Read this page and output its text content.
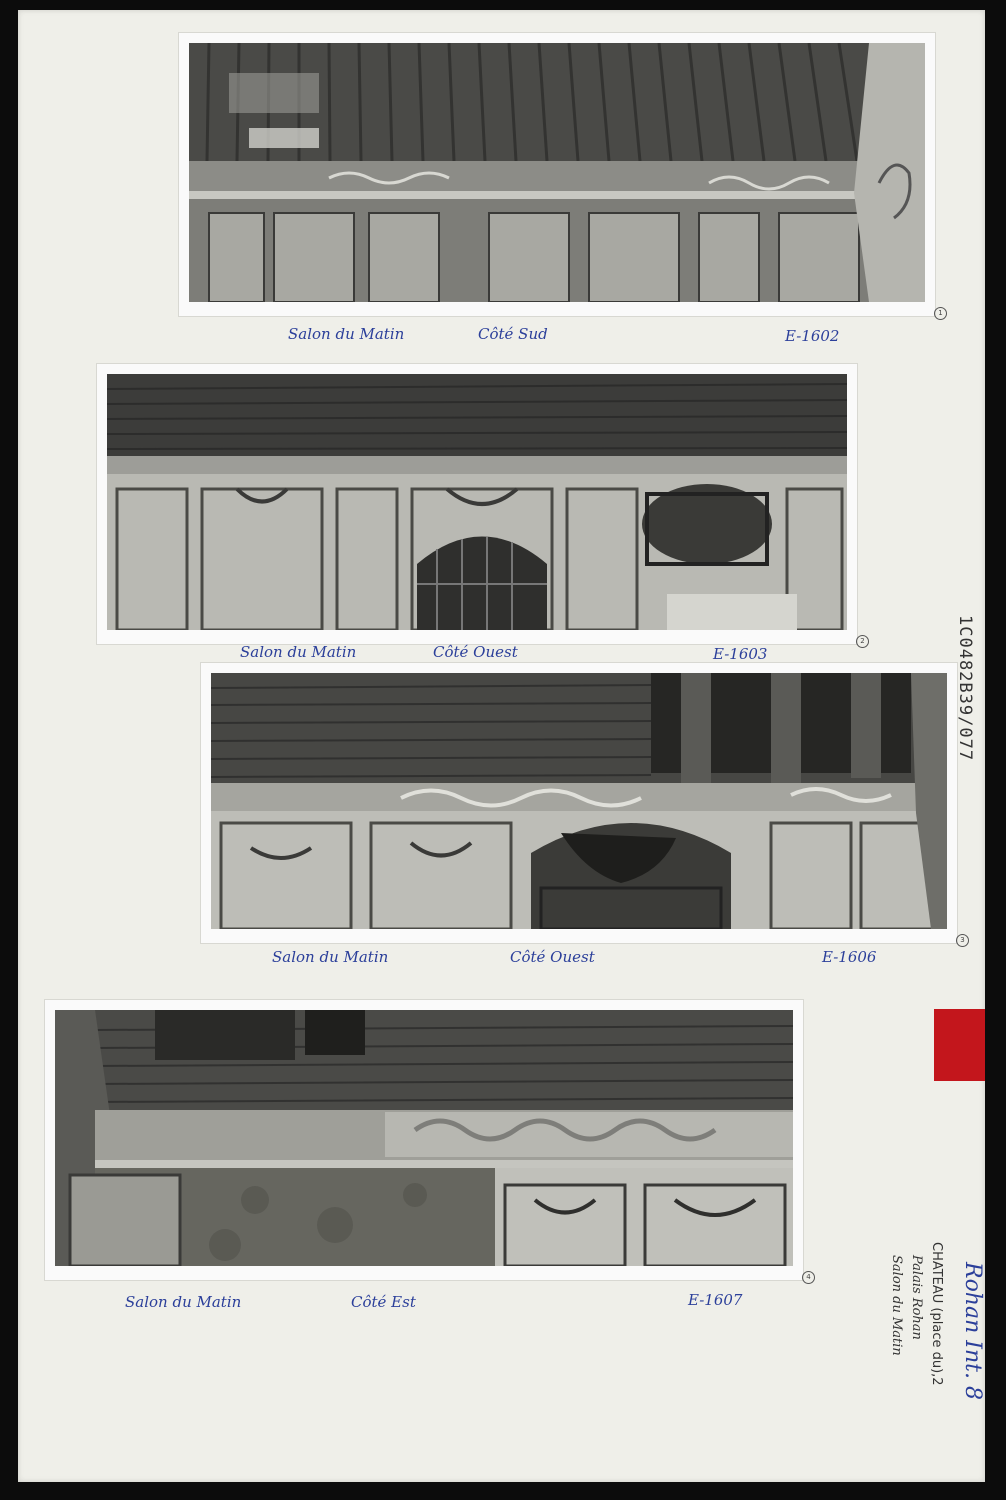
1
Salon du Matin	Côté Sud	E-1602
2
Salon du Matin	Côté Ouest	E-1603
3
Salon du Matin	Côté Ouest	E-1606
4
Salon du Matin	Côté Est	E-1607
1C0482B39/077
Rohan Int. 8
CHATEAU (place du),2
Palais Rohan
Salon du Matin
